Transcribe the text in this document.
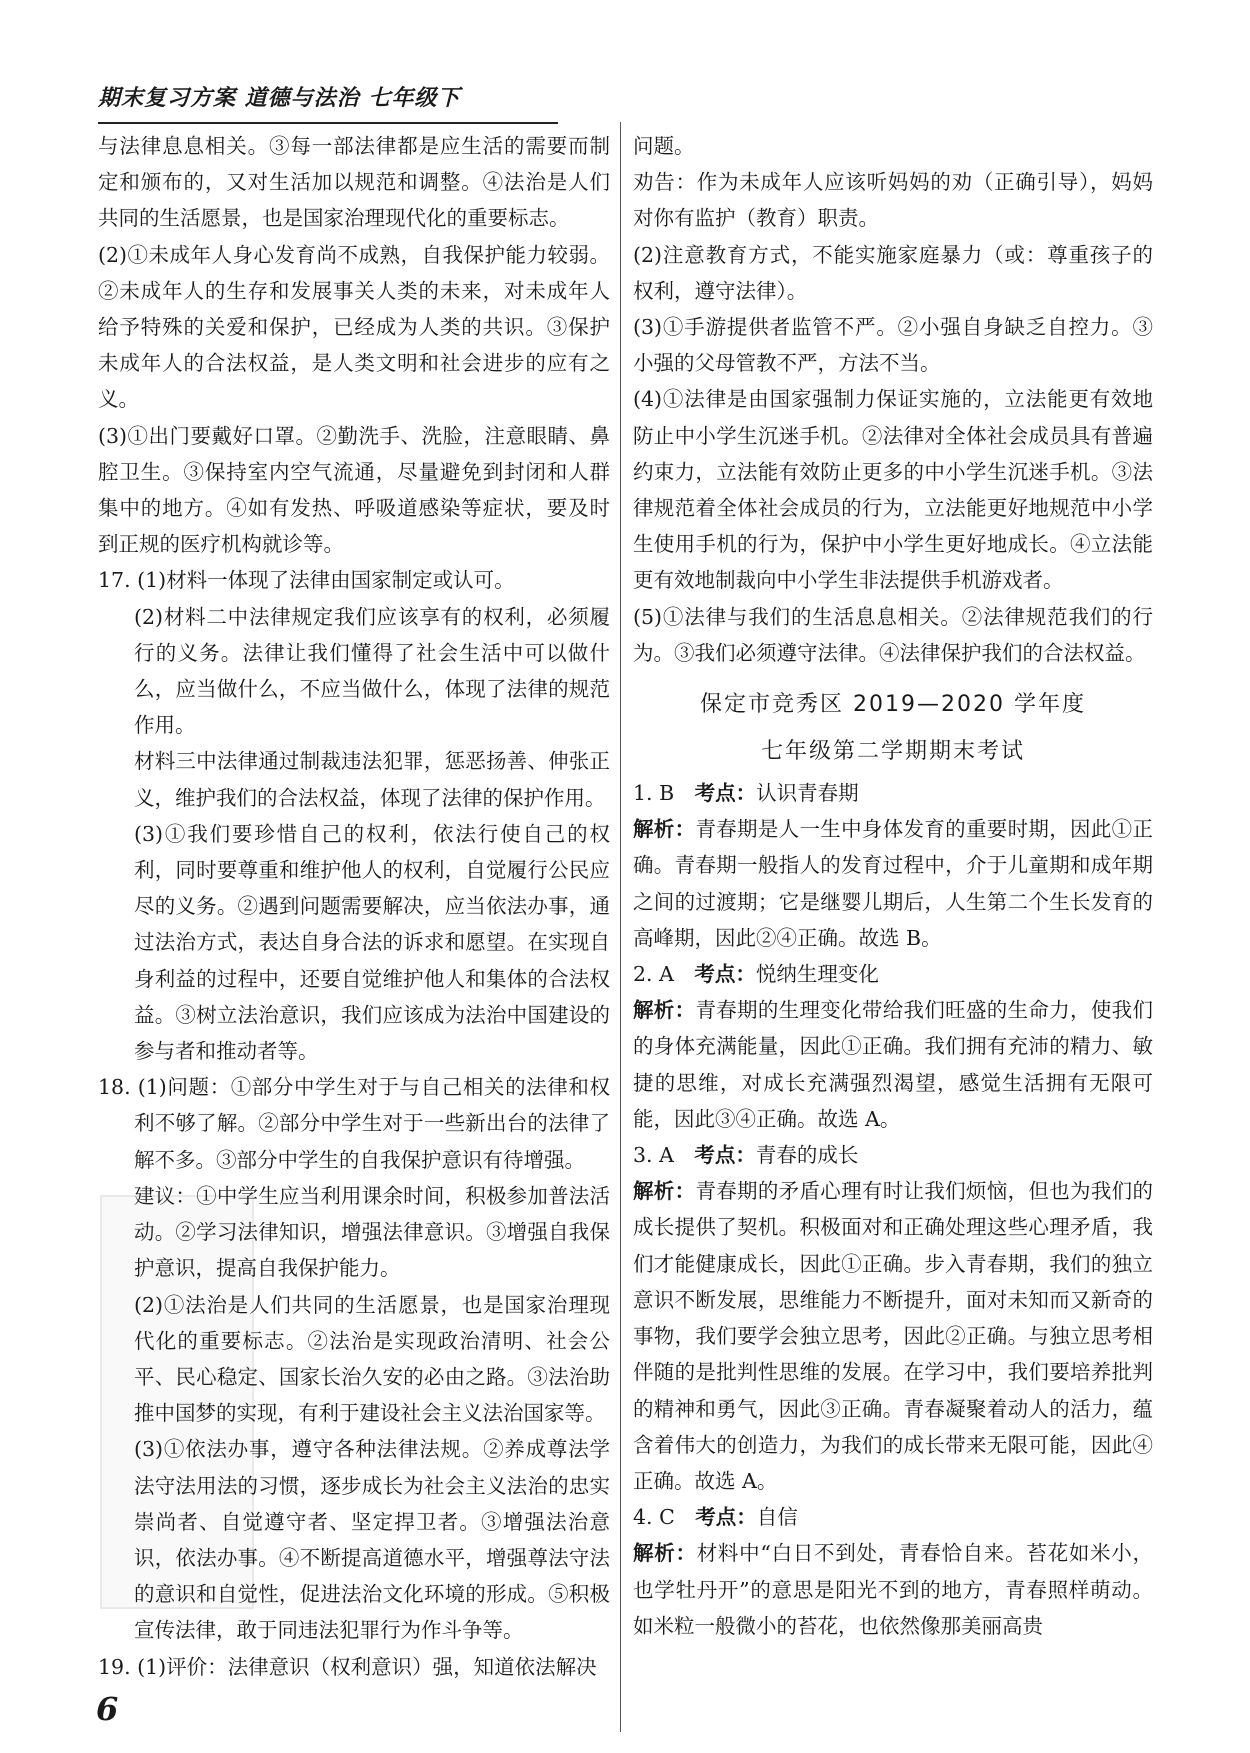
期末复习方案 道德与法治 七年级下

与法律息息相关。③每一部法律都是应生活的需要而制定和颁布的，又对生活加以规范和调整。④法治是人们共同的生活愿景，也是国家治理现代化的重要标志。

(2)①未成年人身心发育尚不成熟，自我保护能力较弱。②未成年人的生存和发展事关人类的未来，对未成年人给予特殊的关爱和保护，已经成为人类的共识。③保护未成年人的合法权益，是人类文明和社会进步的应有之义。

(3)①出门要戴好口罩。②勤洗手、洗脸，注意眼睛、鼻腔卫生。③保持室内空气流通，尽量避免到封闭和人群集中的地方。④如有发热、呼吸道感染等症状，要及时到正规的医疗机构就诊等。

17. (1)材料一体现了法律由国家制定或认可。

(2)材料二中法律规定我们应该享有的权利，必须履行的义务。法律让我们懂得了社会生活中可以做什么，应当做什么，不应当做什么，体现了法律的规范作用。

材料三中法律通过制裁违法犯罪，惩恶扬善、伸张正义，维护我们的合法权益，体现了法律的保护作用。

(3)①我们要珍惜自己的权利，依法行使自己的权利，同时要尊重和维护他人的权利，自觉履行公民应尽的义务。②遇到问题需要解决，应当依法办事，通过法治方式，表达自身合法的诉求和愿望。在实现自身利益的过程中，还要自觉维护他人和集体的合法权益。③树立法治意识，我们应该成为法治中国建设的参与者和推动者等。

18. (1)问题：①部分中学生对于与自己相关的法律和权利不够了解。②部分中学生对于一些新出台的法律了解不多。③部分中学生的自我保护意识有待增强。

建议：①中学生应当利用课余时间，积极参加普法活动。②学习法律知识，增强法律意识。③增强自我保护意识，提高自我保护能力。

(2)①法治是人们共同的生活愿景，也是国家治理现代化的重要标志。②法治是实现政治清明、社会公平、民心稳定、国家长治久安的必由之路。③法治助推中国梦的实现，有利于建设社会主义法治国家等。

(3)①依法办事，遵守各种法律法规。②养成尊法学法守法用法的习惯，逐步成长为社会主义法治的忠实崇尚者、自觉遵守者、坚定捍卫者。③增强法治意识，依法办事。④不断提高道德水平，增强尊法守法的意识和自觉性，促进法治文化环境的形成。⑤积极宣传法律，敢于同违法犯罪行为作斗争等。

19. (1)评价：法律意识（权利意识）强，知道依法解决

问题。

劝告：作为未成年人应该听妈妈的劝（正确引导），妈妈对你有监护（教育）职责。

(2)注意教育方式，不能实施家庭暴力（或：尊重孩子的权利，遵守法律）。

(3)①手游提供者监管不严。②小强自身缺乏自控力。③小强的父母管教不严，方法不当。

(4)①法律是由国家强制力保证实施的，立法能更有效地防止中小学生沉迷手机。②法律对全体社会成员具有普遍约束力，立法能有效防止更多的中小学生沉迷手机。③法律规范着全体社会成员的行为，立法能更好地规范中小学生使用手机的行为，保护中小学生更好地成长。④立法能更有效地制裁向中小学生非法提供手机游戏者。

(5)①法律与我们的生活息息相关。②法律规范我们的行为。③我们必须遵守法律。④法律保护我们的合法权益。

保定市竞秀区 2019—2020 学年度

七年级第二学期期末考试

1. B　考点：认识青春期

解析：青春期是人一生中身体发育的重要时期，因此①正确。青春期一般指人的发育过程中，介于儿童期和成年期之间的过渡期；它是继婴儿期后，人生第二个生长发育的高峰期，因此②④正确。故选 B。

2. A　考点：悦纳生理变化

解析：青春期的生理变化带给我们旺盛的生命力，使我们的身体充满能量，因此①正确。我们拥有充沛的精力、敏捷的思维，对成长充满强烈渴望，感觉生活拥有无限可能，因此③④正确。故选 A。

3. A　考点：青春的成长

解析：青春期的矛盾心理有时让我们烦恼，但也为我们的成长提供了契机。积极面对和正确处理这些心理矛盾，我们才能健康成长，因此①正确。步入青春期，我们的独立意识不断发展，思维能力不断提升，面对未知而又新奇的事物，我们要学会独立思考，因此②正确。与独立思考相伴随的是批判性思维的发展。在学习中，我们要培养批判的精神和勇气，因此③正确。青春凝聚着动人的活力，蕴含着伟大的创造力，为我们的成长带来无限可能，因此④正确。故选 A。

4. C　考点：自信

解析：材料中“白日不到处，青春恰自来。苔花如米小，也学牡丹开”的意思是阳光不到的地方，青春照样萌动。如米粒一般微小的苔花，也依然像那美丽高贵

6
